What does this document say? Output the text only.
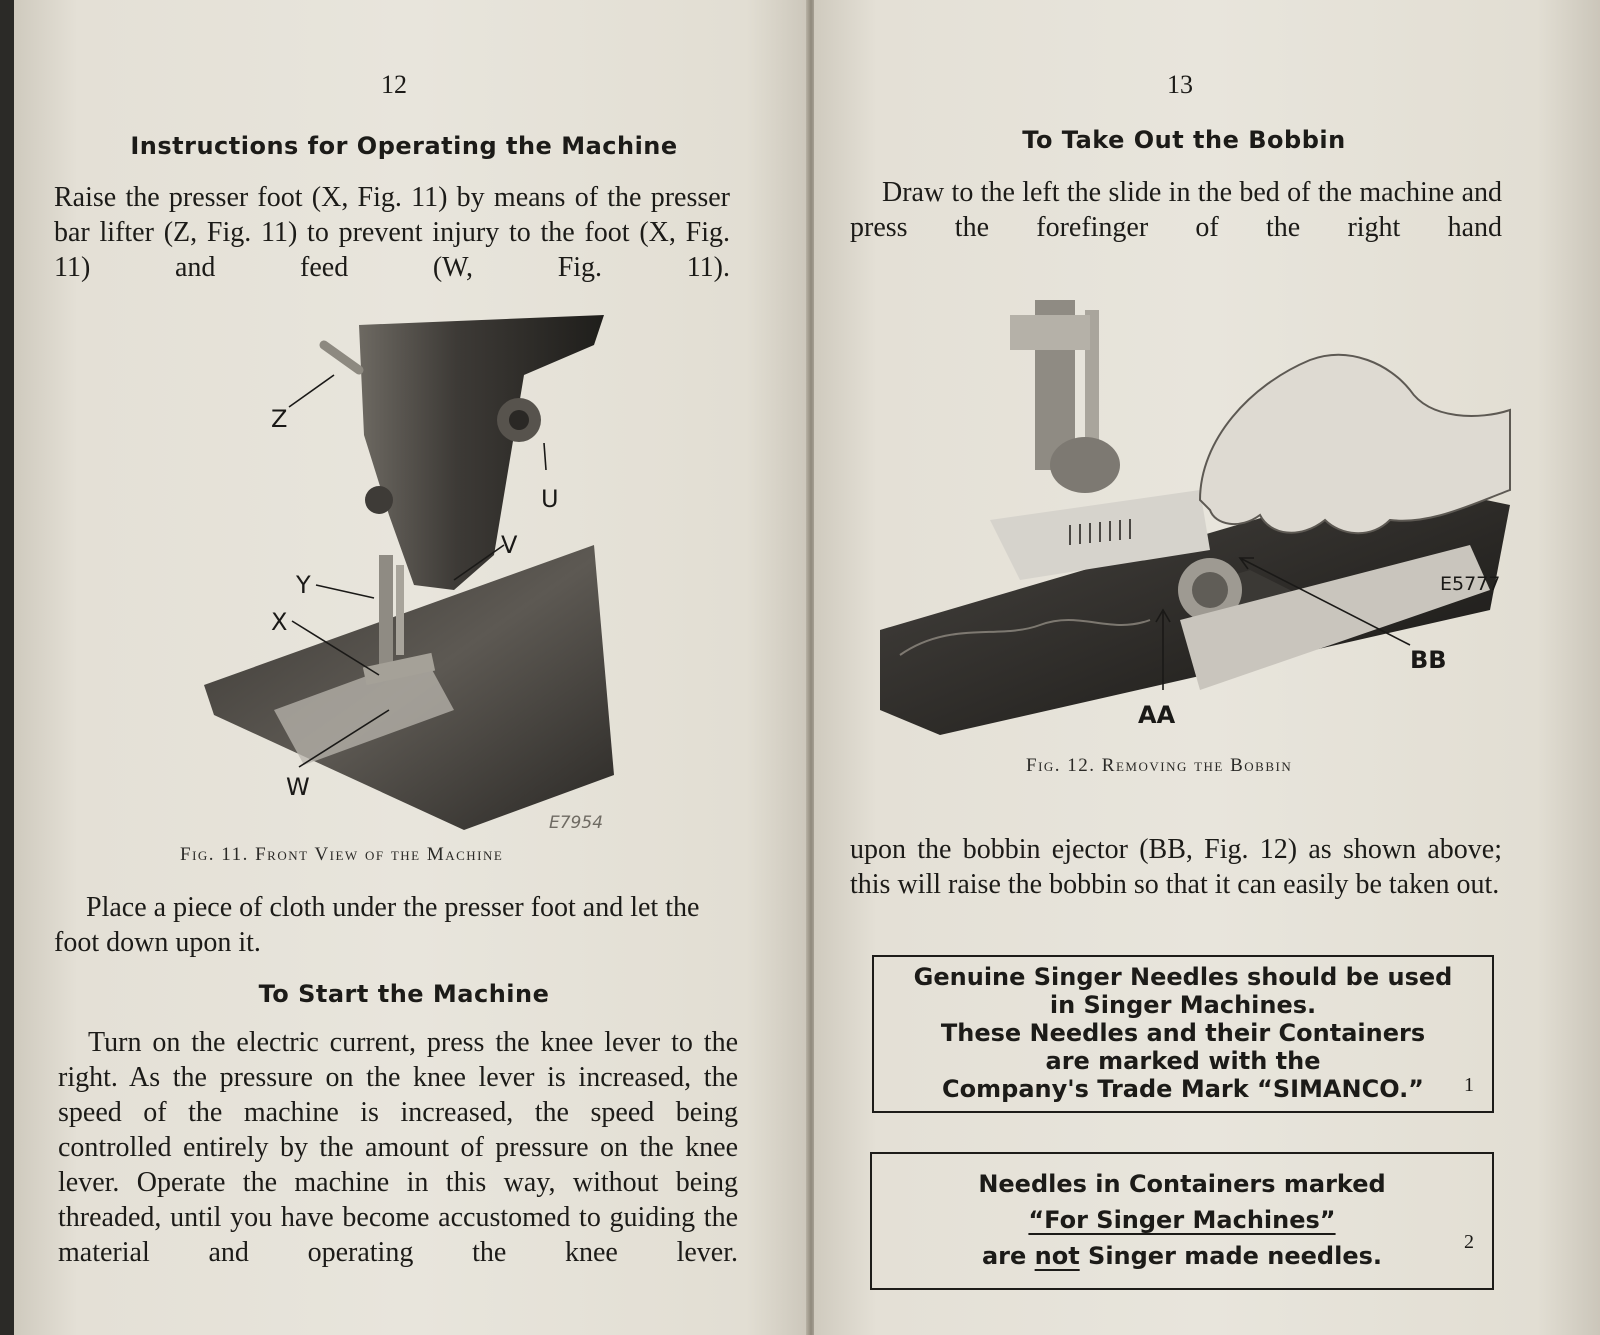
12
Instructions for Operating the Machine

Raise the presser foot (X, Fig. 11) by means of the presser bar lifter (Z, Fig. 11) to prevent injury to the foot (X, Fig. 11) and feed (W, Fig. 11).

Z
U
V
Y
X
W
E7954
Fig. 11. Front View of the Machine

Place a piece of cloth under the presser foot and let the foot down upon it.

To Start the Machine

Turn on the electric current, press the knee lever to the right. As the pressure on the knee lever is increased, the speed of the machine is increased, the speed being controlled entirely by the amount of pressure on the knee lever. Operate the machine in this way, without being threaded, until you have become accustomed to guiding the material and operating the knee lever.

13
To Take Out the Bobbin

Draw to the left the slide in the bed of the machine and press the forefinger of the right hand

AA
BB
E5777
Fig. 12. Removing the Bobbin

upon the bobbin ejector (BB, Fig. 12) as shown above; this will raise the bobbin so that it can easily be taken out.

Genuine Singer Needles should be used
in Singer Machines.
These Needles and their Containers
are marked with the
Company's Trade Mark “SIMANCO.”	1
Needles in Containers marked
“For Singer Machines”
are not Singer made needles.	2
